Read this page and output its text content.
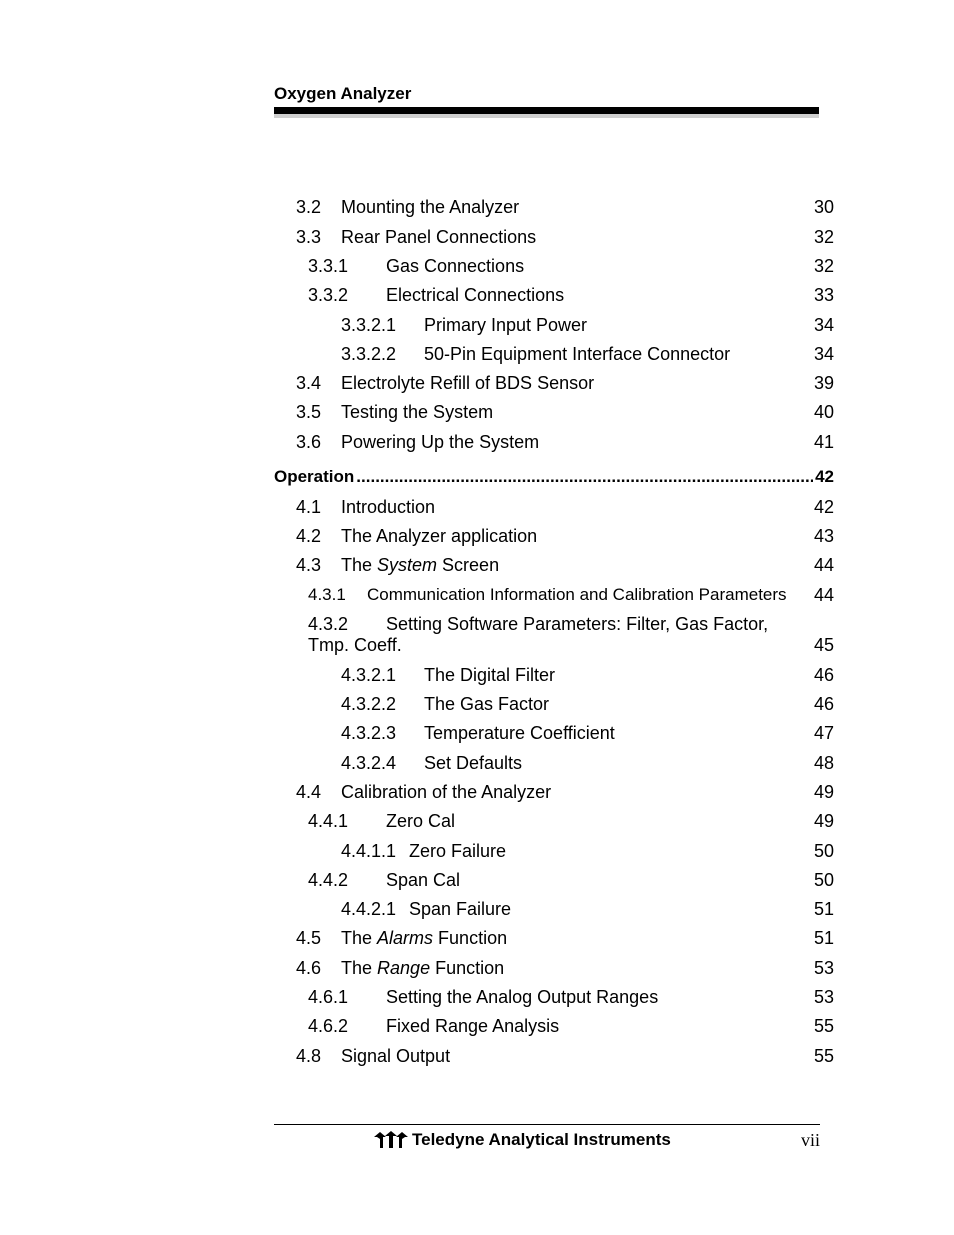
Oxygen Analyzer
3.2 Mounting the Analyzer	30
3.3 Rear Panel Connections	32
3.3.1 Gas Connections	32
3.3.2 Electrical Connections	33
3.3.2.1 Primary Input Power	34
3.3.2.2 50-Pin Equipment Interface Connector	34
3.4 Electrolyte Refill of BDS Sensor	39
3.5 Testing the System	40
3.6 Powering Up the System	41
Operation .....	42
4.1 Introduction	42
4.2 The Analyzer application	43
4.3 The System Screen	44
4.3.1 Communication Information and Calibration Parameters	44
4.3.2 Setting Software Parameters: Filter, Gas Factor,
Tmp. Coeff.	45
4.3.2.1 The Digital Filter	46
4.3.2.2 The Gas Factor	46
4.3.2.3 Temperature Coefficient	47
4.3.2.4 Set Defaults	48
4.4 Calibration of the Analyzer	49
4.4.1 Zero Cal	49
4.4.1.1 Zero Failure	50
4.4.2 Span Cal	50
4.4.2.1 Span Failure	51
4.5 The Alarms Function	51
4.6 The Range Function	53
4.6.1 Setting the Analog Output Ranges	53
4.6.2 Fixed Range Analysis	55
4.8 Signal Output	55
Teledyne Analytical Instruments	vii
